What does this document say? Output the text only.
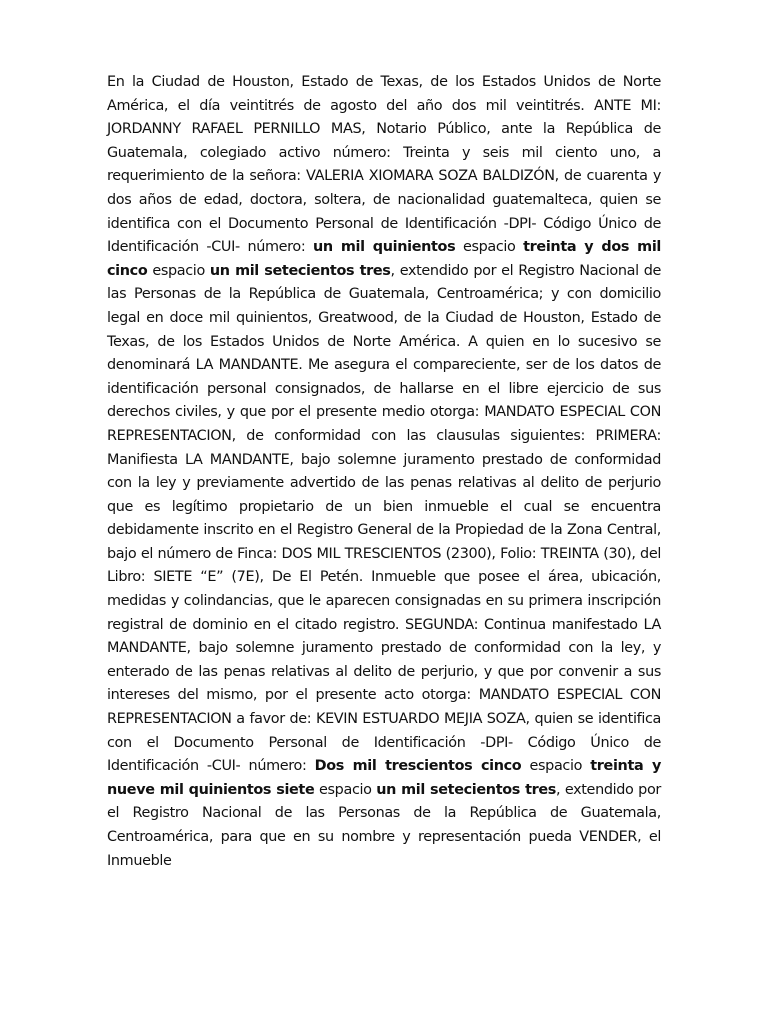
En la Ciudad de Houston, Estado de Texas, de los Estados Unidos de Norte América, el día veintitrés de agosto del año dos mil veintitrés. ANTE MI: JORDANNY RAFAEL PERNILLO MAS, Notario Público, ante la República de Guatemala, colegiado activo número: Treinta y seis mil ciento uno, a requerimiento de la señora: VALERIA XIOMARA SOZA BALDIZÓN, de cuarenta y dos años de edad, doctora, soltera, de nacionalidad guatemalteca, quien se identifica con el Documento Personal de Identificación -DPI- Código Único de Identificación -CUI- número: un mil quinientos espacio treinta y dos mil cinco espacio un mil setecientos tres, extendido por el Registro Nacional de las Personas de la República de Guatemala, Centroamérica; y con domicilio legal en doce mil quinientos, Greatwood, de la Ciudad de Houston, Estado de Texas, de los Estados Unidos de Norte América. A quien en lo sucesivo se denominará LA MANDANTE. Me asegura el compareciente, ser de los datos de identificación personal consignados, de hallarse en el libre ejercicio de sus derechos civiles, y que por el presente medio otorga: MANDATO ESPECIAL CON REPRESENTACION, de conformidad con las clausulas siguientes: PRIMERA: Manifiesta LA MANDANTE, bajo solemne juramento prestado de conformidad con la ley y previamente advertido de las penas relativas al delito de perjurio que es legítimo propietario de un bien inmueble el cual se encuentra debidamente inscrito en el Registro General de la Propiedad de la Zona Central, bajo el número de Finca: DOS MIL TRESCIENTOS (2300), Folio: TREINTA (30), del Libro: SIETE “E” (7E), De El Petén. Inmueble que posee el área, ubicación, medidas y colindancias, que le aparecen consignadas en su primera inscripción registral de dominio en el citado registro. SEGUNDA: Continua manifestado LA MANDANTE, bajo solemne juramento prestado de conformidad con la ley, y enterado de las penas relativas al delito de perjurio, y que por convenir a sus intereses del mismo, por el presente acto otorga: MANDATO ESPECIAL CON REPRESENTACION a favor de: KEVIN ESTUARDO MEJIA SOZA, quien se identifica con el Documento Personal de Identificación -DPI- Código Único de Identificación -CUI- número: Dos mil trescientos cinco espacio treinta y nueve mil quinientos siete espacio un mil setecientos tres, extendido por el Registro Nacional de las Personas de la República de Guatemala, Centroamérica, para que en su nombre y representación pueda VENDER, el Inmueble
